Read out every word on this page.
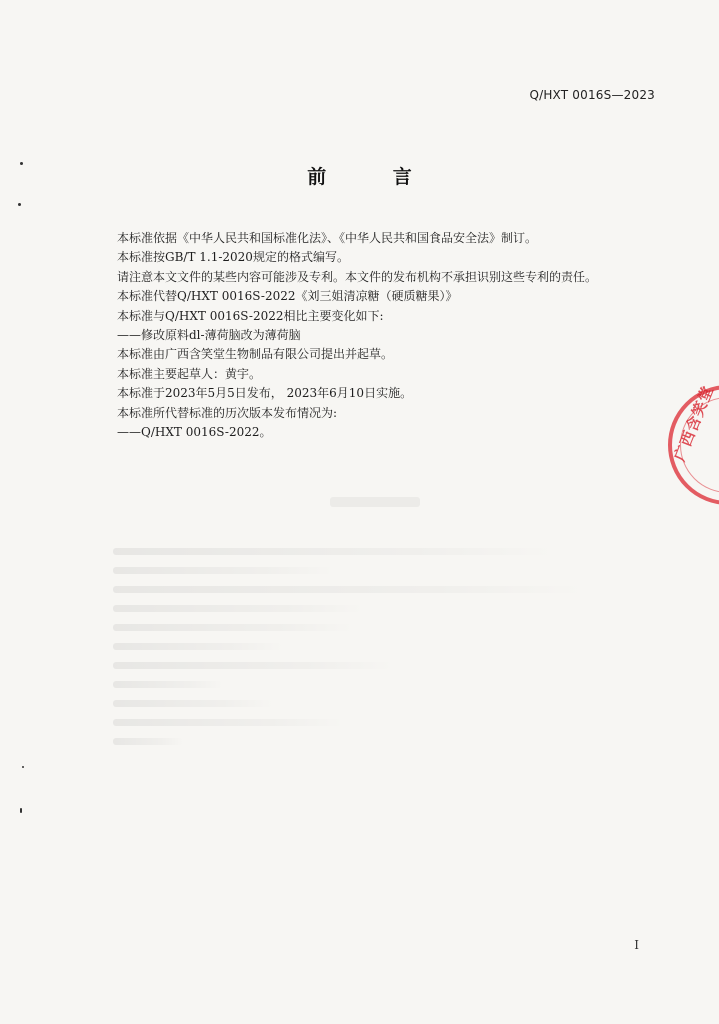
Q/HXT 0016S—2023
前 言
本标准依据《中华人民共和国标准化法》、《中华人民共和国食品安全法》制订。
本标准按GB/T 1.1-2020规定的格式编写。
请注意本文文件的某些内容可能涉及专利。本文件的发布机构不承担识别这些专利的责任。
本标准代替Q/HXT 0016S-2022《刘三姐清凉糖（硬质糖果）》
本标准与Q/HXT 0016S-2022相比主要变化如下:
——修改原料dl-薄荷脑改为薄荷脑
本标准由广西含笑堂生物制品有限公司提出并起草。
本标准主要起草人：黄宇。
本标准于2023年5月5日发布， 2023年6月10日实施。
本标准所代替标准的历次版本发布情况为:
——Q/HXT 0016S-2022。	广西含笑堂
I
